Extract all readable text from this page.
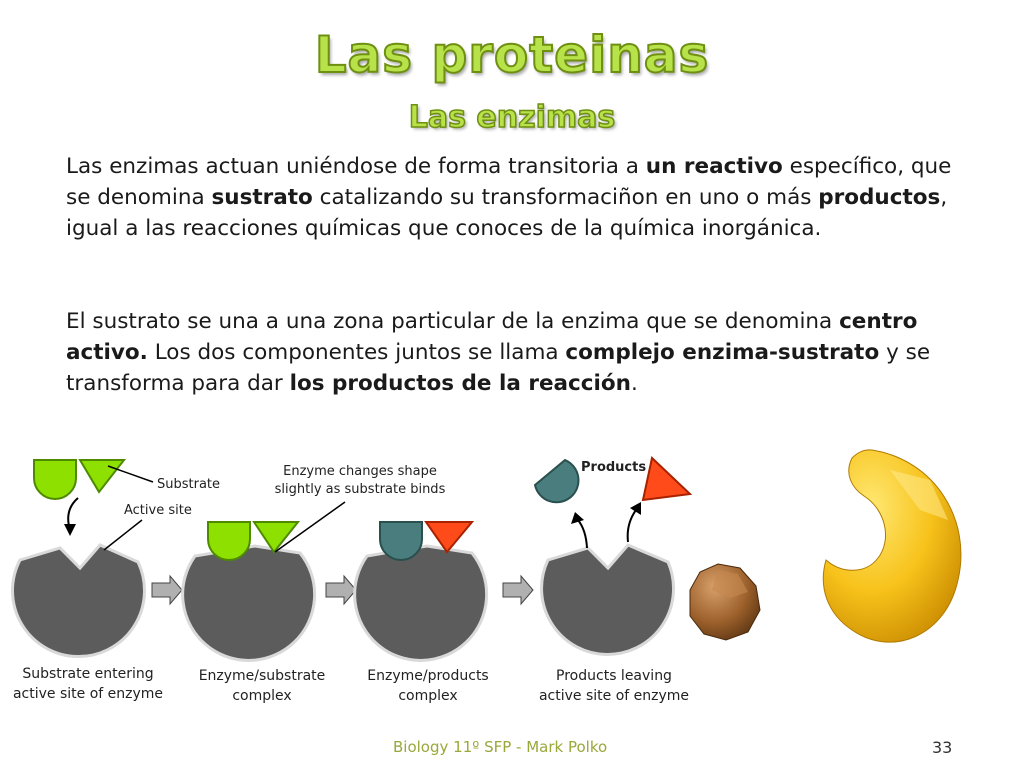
Las proteinas
Las enzimas

Las enzimas actuan uniéndose de forma transitoria a un reactivo específico, que se denomina sustrato catalizando su transformaciñon en uno o más productos, igual a las reacciones químicas que conoces de la química inorgánica.

El sustrato se una a una zona particular de la enzima que se denomina centro activo. Los dos componentes juntos se llama complejo enzima-sustrato y se transforma para dar los productos de la reacción.

Substrate
Active site
Substrate entering
active site of enzyme
Enzyme changes shape
slightly as substrate binds
Enzyme/substrate
complex
Enzyme/products
complex
Products
Products leaving
active site of enzyme
Biology 11º SFP - Mark Polko	33
